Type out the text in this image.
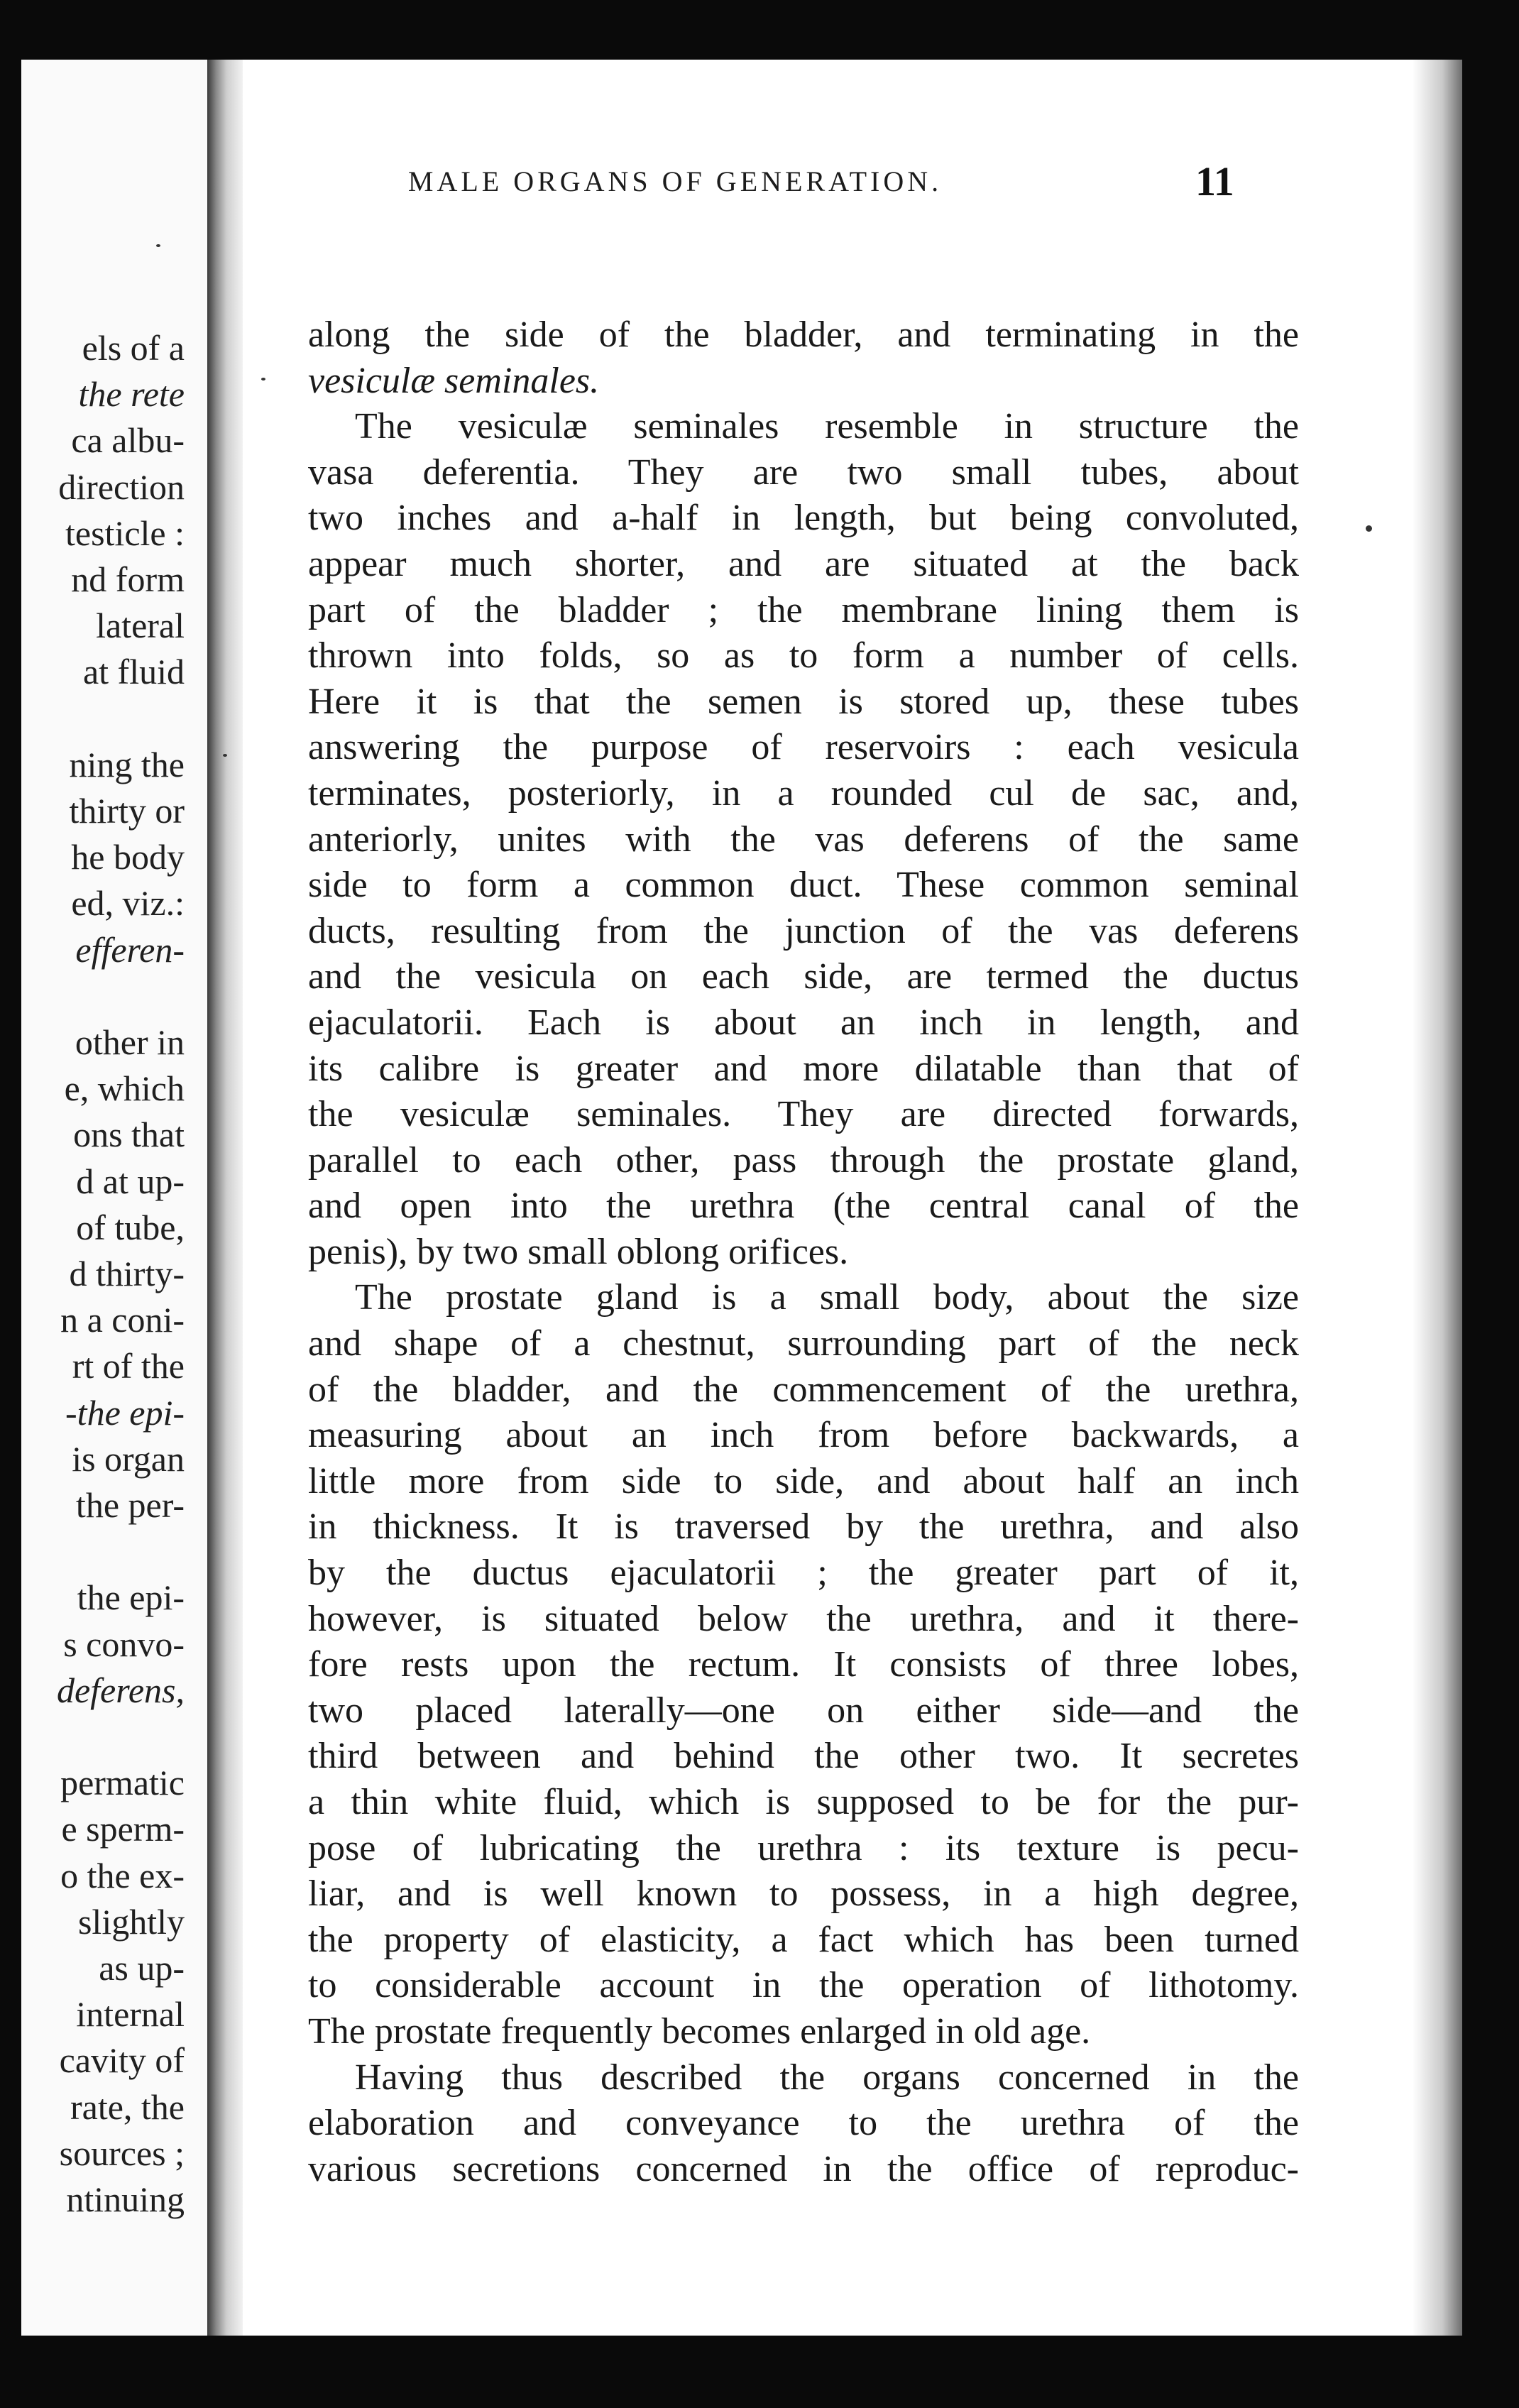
els of a
the rete
ca albu-
direction
testicle :
nd form
lateral
at fluid
ning the
thirty or
he body
ed, viz.:
efferen-
other in
e, which
ons that
d at up-
of tube,
d thirty-
n a coni-
rt of the
-the epi-
is organ
the per-
the epi-
s convo-
deferens,
permatic
e sperm-
o the ex-
slightly
as up-
internal
cavity of
rate, the
sources ;
ntinuing
MALE ORGANS OF GENERATION.	11
along the side of the bladder, and terminating in the
vesiculæ seminales.
The vesiculæ seminales resemble in structure the
vasa deferentia. They are two small tubes, about
two inches and a-half in length, but being convoluted,
appear much shorter, and are situated at the back
part of the bladder ; the membrane lining them is
thrown into folds, so as to form a number of cells.
Here it is that the semen is stored up, these tubes
answering the purpose of reservoirs : each vesicula
terminates, posteriorly, in a rounded cul de sac, and,
anteriorly, unites with the vas deferens of the same
side to form a common duct. These common seminal
ducts, resulting from the junction of the vas deferens
and the vesicula on each side, are termed the ductus
ejaculatorii. Each is about an inch in length, and
its calibre is greater and more dilatable than that of
the vesiculæ seminales. They are directed forwards,
parallel to each other, pass through the prostate gland,
and open into the urethra (the central canal of the
penis), by two small oblong orifices.
The prostate gland is a small body, about the size
and shape of a chestnut, surrounding part of the neck
of the bladder, and the commencement of the urethra,
measuring about an inch from before backwards, a
little more from side to side, and about half an inch
in thickness. It is traversed by the urethra, and also
by the ductus ejaculatorii ; the greater part of it,
however, is situated below the urethra, and it there-
fore rests upon the rectum. It consists of three lobes,
two placed laterally—one on either side—and the
third between and behind the other two. It secretes
a thin white fluid, which is supposed to be for the pur-
pose of lubricating the urethra : its texture is pecu-
liar, and is well known to possess, in a high degree,
the property of elasticity, a fact which has been turned
to considerable account in the operation of lithotomy.
The prostate frequently becomes enlarged in old age.
Having thus described the organs concerned in the
elaboration and conveyance to the urethra of the
various secretions concerned in the office of reproduc-
